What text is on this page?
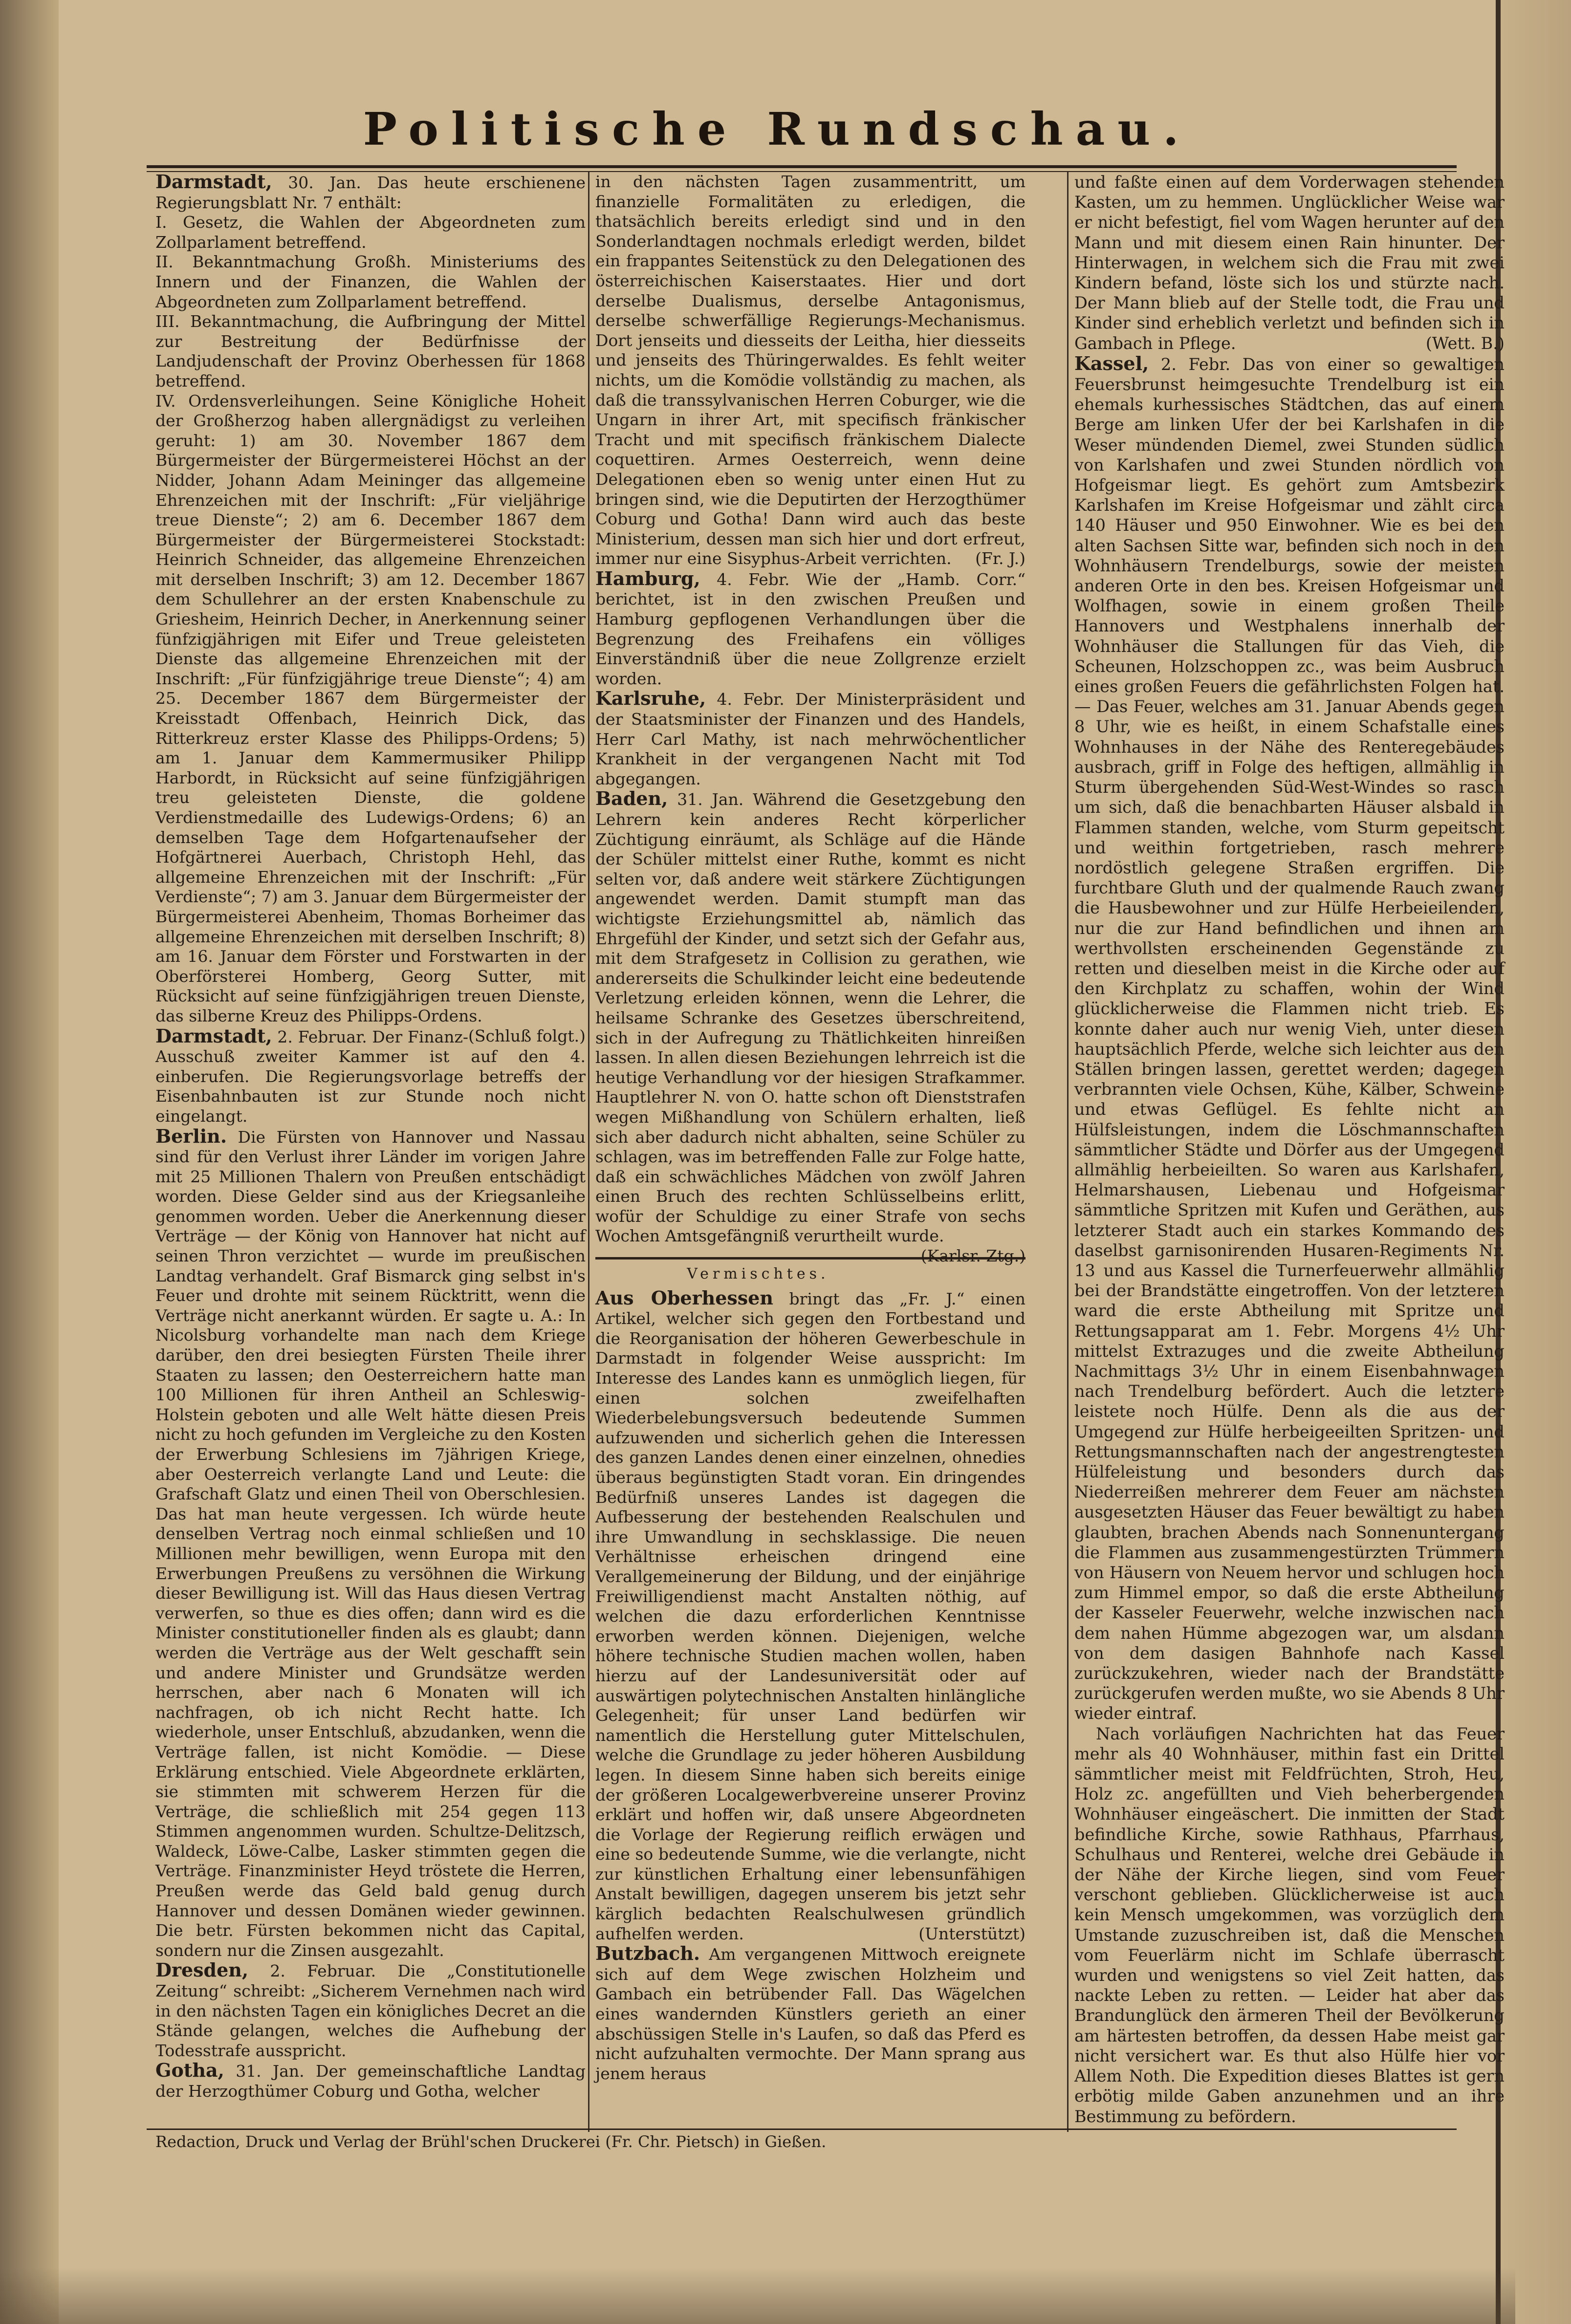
Politische Rundschau.

Darmstadt, 30. Jan. Das heute erschienene Regierungsblatt Nr. 7 enthält:

I. Gesetz, die Wahlen der Abgeordneten zum Zollparlament betreffend.

II. Bekanntmachung Großh. Ministeriums des Innern und der Finanzen, die Wahlen der Abgeordneten zum Zollparlament betreffend.

III. Bekanntmachung, die Aufbringung der Mittel zur Bestreitung der Bedürfnisse der Landjudenschaft der Provinz Oberhessen für 1868 betreffend.

IV. Ordensverleihungen. Seine Königliche Hoheit der Großherzog haben allergnädigst zu verleihen geruht: 1) am 30. November 1867 dem Bürgermeister der Bürgermeisterei Höchst an der Nidder, Johann Adam Meininger das allgemeine Ehrenzeichen mit der Inschrift: „Für vieljährige treue Dienste“; 2) am 6. December 1867 dem Bürgermeister der Bürgermeisterei Stockstadt: Heinrich Schneider, das allgemeine Ehrenzeichen mit derselben Inschrift; 3) am 12. December 1867 dem Schullehrer an der ersten Knabenschule zu Griesheim, Heinrich Decher, in Anerkennung seiner fünfzigjährigen mit Eifer und Treue geleisteten Dienste das allgemeine Ehrenzeichen mit der Inschrift: „Für fünfzigjährige treue Dienste“; 4) am 25. December 1867 dem Bürgermeister der Kreisstadt Offenbach, Heinrich Dick, das Ritterkreuz erster Klasse des Philipps-Ordens; 5) am 1. Januar dem Kammermusiker Philipp Harbordt, in Rücksicht auf seine fünfzigjährigen treu geleisteten Dienste, die goldene Verdienstmedaille des Ludewigs-Ordens; 6) an demselben Tage dem Hofgartenaufseher der Hofgärtnerei Auerbach, Christoph Hehl, das allgemeine Ehrenzeichen mit der Inschrift: „Für Verdienste“; 7) am 3. Januar dem Bürgermeister der Bürgermeisterei Abenheim, Thomas Borheimer das allgemeine Ehrenzeichen mit derselben Inschrift; 8) am 16. Januar dem Förster und Forstwarten in der Oberförsterei Homberg, Georg Sutter, mit Rücksicht auf seine fünfzigjährigen treuen Dienste, das silberne Kreuz des Philipps-Ordens.
(Schluß folgt.)

Darmstadt, 2. Februar. Der Finanz-Ausschuß zweiter Kammer ist auf den 4. einberufen. Die Regierungsvorlage betreffs der Eisenbahnbauten ist zur Stunde noch nicht eingelangt.

Berlin. Die Fürsten von Hannover und Nassau sind für den Verlust ihrer Länder im vorigen Jahre mit 25 Millionen Thalern von Preußen entschädigt worden. Diese Gelder sind aus der Kriegsanleihe genommen worden. Ueber die Anerkennung dieser Verträge — der König von Hannover hat nicht auf seinen Thron verzichtet — wurde im preußischen Landtag verhandelt. Graf Bismarck ging selbst in's Feuer und drohte mit seinem Rücktritt, wenn die Verträge nicht anerkannt würden. Er sagte u. A.: In Nicolsburg vorhandelte man nach dem Kriege darüber, den drei besiegten Fürsten Theile ihrer Staaten zu lassen; den Oesterreichern hatte man 100 Millionen für ihren Antheil an Schleswig-Holstein geboten und alle Welt hätte diesen Preis nicht zu hoch gefunden im Vergleiche zu den Kosten der Erwerbung Schlesiens im 7jährigen Kriege, aber Oesterreich verlangte Land und Leute: die Grafschaft Glatz und einen Theil von Oberschlesien. Das hat man heute vergessen. Ich würde heute denselben Vertrag noch einmal schließen und 10 Millionen mehr bewilligen, wenn Europa mit den Erwerbungen Preußens zu versöhnen die Wirkung dieser Bewilligung ist. Will das Haus diesen Vertrag verwerfen, so thue es dies offen; dann wird es die Minister constitutioneller finden als es glaubt; dann werden die Verträge aus der Welt geschafft sein und andere Minister und Grundsätze werden herrschen, aber nach 6 Monaten will ich nachfragen, ob ich nicht Recht hatte. Ich wiederhole, unser Entschluß, abzudanken, wenn die Verträge fallen, ist nicht Komödie. — Diese Erklärung entschied. Viele Abgeordnete erklärten, sie stimmten mit schwerem Herzen für die Verträge, die schließlich mit 254 gegen 113 Stimmen angenommen wurden. Schultze-Delitzsch, Waldeck, Löwe-Calbe, Lasker stimmten gegen die Verträge. Finanzminister Heyd tröstete die Herren, Preußen werde das Geld bald genug durch Hannover und dessen Domänen wieder gewinnen. Die betr. Fürsten bekommen nicht das Capital, sondern nur die Zinsen ausgezahlt.

Dresden, 2. Februar. Die „Constitutionelle Zeitung“ schreibt: „Sicherem Vernehmen nach wird in den nächsten Tagen ein königliches Decret an die Stände gelangen, welches die Aufhebung der Todesstrafe ausspricht.

Gotha, 31. Jan. Der gemeinschaftliche Landtag der Herzogthümer Coburg und Gotha, welcher

in den nächsten Tagen zusammentritt, um finanzielle Formalitäten zu erledigen, die thatsächlich bereits erledigt sind und in den Sonderlandtagen nochmals erledigt werden, bildet ein frappantes Seitenstück zu den Delegationen des österreichischen Kaiserstaates. Hier und dort derselbe Dualismus, derselbe Antagonismus, derselbe schwerfällige Regierungs-Mechanismus. Dort jenseits und diesseits der Leitha, hier diesseits und jenseits des Thüringerwaldes. Es fehlt weiter nichts, um die Komödie vollständig zu machen, als daß die transsylvanischen Herren Coburger, wie die Ungarn in ihrer Art, mit specifisch fränkischer Tracht und mit specifisch fränkischem Dialecte coquettiren. Armes Oesterreich, wenn deine Delegationen eben so wenig unter einen Hut zu bringen sind, wie die Deputirten der Herzogthümer Coburg und Gotha! Dann wird auch das beste Ministerium, dessen man sich hier und dort erfreut, immer nur eine Sisyphus-Arbeit verrichten. (Fr. J.)

Hamburg, 4. Febr. Wie der „Hamb. Corr.“ berichtet, ist in den zwischen Preußen und Hamburg gepflogenen Verhandlungen über die Begrenzung des Freihafens ein völliges Einverständniß über die neue Zollgrenze erzielt worden.

Karlsruhe, 4. Febr. Der Ministerpräsident und der Staatsminister der Finanzen und des Handels, Herr Carl Mathy, ist nach mehrwöchentlicher Krankheit in der vergangenen Nacht mit Tod abgegangen.

Baden, 31. Jan. Während die Gesetzgebung den Lehrern kein anderes Recht körperlicher Züchtigung einräumt, als Schläge auf die Hände der Schüler mittelst einer Ruthe, kommt es nicht selten vor, daß andere weit stärkere Züchtigungen angewendet werden. Damit stumpft man das wichtigste Erziehungsmittel ab, nämlich das Ehrgefühl der Kinder, und setzt sich der Gefahr aus, mit dem Strafgesetz in Collision zu gerathen, wie andererseits die Schulkinder leicht eine bedeutende Verletzung erleiden können, wenn die Lehrer, die heilsame Schranke des Gesetzes überschreitend, sich in der Aufregung zu Thätlichkeiten hinreißen lassen. In allen diesen Beziehungen lehrreich ist die heutige Verhandlung vor der hiesigen Strafkammer. Hauptlehrer N. von O. hatte schon oft Dienststrafen wegen Mißhandlung von Schülern erhalten, ließ sich aber dadurch nicht abhalten, seine Schüler zu schlagen, was im betreffenden Falle zur Folge hatte, daß ein schwächliches Mädchen von zwölf Jahren einen Bruch des rechten Schlüsselbeins erlitt, wofür der Schuldige zu einer Strafe von sechs Wochen Amtsgefängniß verurtheilt wurde.
(Karlsr. Ztg.)

Vermischtes.

Aus Oberhessen bringt das „Fr. J.“ einen Artikel, welcher sich gegen den Fortbestand und die Reorganisation der höheren Gewerbeschule in Darmstadt in folgender Weise ausspricht: Im Interesse des Landes kann es unmöglich liegen, für einen solchen zweifelhaften Wiederbelebungsversuch bedeutende Summen aufzuwenden und sicherlich gehen die Interessen des ganzen Landes denen einer einzelnen, ohnedies überaus begünstigten Stadt voran. Ein dringendes Bedürfniß unseres Landes ist dagegen die Aufbesserung der bestehenden Realschulen und ihre Umwandlung in sechsklassige. Die neuen Verhältnisse erheischen dringend eine Verallgemeinerung der Bildung, und der einjährige Freiwilligendienst macht Anstalten nöthig, auf welchen die dazu erforderlichen Kenntnisse erworben werden können. Diejenigen, welche höhere technische Studien machen wollen, haben hierzu auf der Landesuniversität oder auf auswärtigen polytechnischen Anstalten hinlängliche Gelegenheit; für unser Land bedürfen wir namentlich die Herstellung guter Mittelschulen, welche die Grundlage zu jeder höheren Ausbildung legen. In diesem Sinne haben sich bereits einige der größeren Localgewerbvereine unserer Provinz erklärt und hoffen wir, daß unsere Abgeordneten die Vorlage der Regierung reiflich erwägen und eine so bedeutende Summe, wie die verlangte, nicht zur künstlichen Erhaltung einer lebensunfähigen Anstalt bewilligen, dagegen unserem bis jetzt sehr kärglich bedachten Realschulwesen gründlich aufhelfen werden.	(Unterstützt)

Butzbach. Am vergangenen Mittwoch ereignete sich auf dem Wege zwischen Holzheim und Gambach ein betrübender Fall. Das Wägelchen eines wandernden Künstlers gerieth an einer abschüssigen Stelle in's Laufen, so daß das Pferd es nicht aufzuhalten vermochte. Der Mann sprang aus jenem heraus

und faßte einen auf dem Vorderwagen stehenden Kasten, um zu hemmen. Unglücklicher Weise war er nicht befestigt, fiel vom Wagen herunter auf den Mann und mit diesem einen Rain hinunter. Der Hinterwagen, in welchem sich die Frau mit zwei Kindern befand, löste sich los und stürzte nach. Der Mann blieb auf der Stelle todt, die Frau und Kinder sind erheblich verletzt und befinden sich in Gambach in Pflege.	(Wett. B.)

Kassel, 2. Febr. Das von einer so gewaltigen Feuersbrunst heimgesuchte Trendelburg ist ein ehemals kurhessisches Städtchen, das auf einem Berge am linken Ufer der bei Karlshafen in die Weser mündenden Diemel, zwei Stunden südlich von Karlshafen und zwei Stunden nördlich von Hofgeismar liegt. Es gehört zum Amtsbezirk Karlshafen im Kreise Hofgeismar und zählt circa 140 Häuser und 950 Einwohner. Wie es bei den alten Sachsen Sitte war, befinden sich noch in den Wohnhäusern Trendelburgs, sowie der meisten anderen Orte in den bes. Kreisen Hofgeismar und Wolfhagen, sowie in einem großen Theile Hannovers und Westphalens innerhalb der Wohnhäuser die Stallungen für das Vieh, die Scheunen, Holzschoppen zc., was beim Ausbruch eines großen Feuers die gefährlichsten Folgen hat. — Das Feuer, welches am 31. Januar Abends gegen 8 Uhr, wie es heißt, in einem Schafstalle eines Wohnhauses in der Nähe des Renteregebäudes ausbrach, griff in Folge des heftigen, allmählig in Sturm übergehenden Süd-West-Windes so rasch um sich, daß die benachbarten Häuser alsbald in Flammen standen, welche, vom Sturm gepeitscht und weithin fortgetrieben, rasch mehrere nordöstlich gelegene Straßen ergriffen. Die furchtbare Gluth und der qualmende Rauch zwang die Hausbewohner und zur Hülfe Herbeieilenden, nur die zur Hand befindlichen und ihnen am werthvollsten erscheinenden Gegenstände zu retten und dieselben meist in die Kirche oder auf den Kirchplatz zu schaffen, wohin der Wind glücklicherweise die Flammen nicht trieb. Es konnte daher auch nur wenig Vieh, unter diesen hauptsächlich Pferde, welche sich leichter aus den Ställen bringen lassen, gerettet werden; dagegen verbrannten viele Ochsen, Kühe, Kälber, Schweine und etwas Geflügel. Es fehlte nicht an Hülfsleistungen, indem die Löschmannschaften sämmtlicher Städte und Dörfer aus der Umgegend allmählig herbeieilten. So waren aus Karlshafen, Helmarshausen, Liebenau und Hofgeismar sämmtliche Spritzen mit Kufen und Geräthen, aus letzterer Stadt auch ein starkes Kommando des daselbst garnisonirenden Husaren-Regiments Nr. 13 und aus Kassel die Turnerfeuerwehr allmählig bei der Brandstätte eingetroffen. Von der letzteren ward die erste Abtheilung mit Spritze und Rettungsapparat am 1. Febr. Morgens 4½ Uhr mittelst Extrazuges und die zweite Abtheilung Nachmittags 3½ Uhr in einem Eisenbahnwagen nach Trendelburg befördert. Auch die letztere leistete noch Hülfe. Denn als die aus der Umgegend zur Hülfe herbeigeeilten Spritzen- und Rettungsmannschaften nach der angestrengtesten Hülfeleistung und besonders durch das Niederreißen mehrerer dem Feuer am nächsten ausgesetzten Häuser das Feuer bewältigt zu haben glaubten, brachen Abends nach Sonnenuntergang die Flammen aus zusammengestürzten Trümmern von Häusern von Neuem hervor und schlugen hoch zum Himmel empor, so daß die erste Abtheilung der Kasseler Feuerwehr, welche inzwischen nach dem nahen Hümme abgezogen war, um alsdann von dem dasigen Bahnhofe nach Kassel zurückzukehren, wieder nach der Brandstätte zurückgerufen werden mußte, wo sie Abends 8 Uhr wieder eintraf.

Nach vorläufigen Nachrichten hat das Feuer mehr als 40 Wohnhäuser, mithin fast ein Drittel sämmtlicher meist mit Feldfrüchten, Stroh, Heu, Holz zc. angefüllten und Vieh beherbergenden Wohnhäuser eingeäschert. Die inmitten der Stadt befindliche Kirche, sowie Rathhaus, Pfarrhaus, Schulhaus und Renterei, welche drei Gebäude in der Nähe der Kirche liegen, sind vom Feuer verschont geblieben. Glücklicherweise ist auch kein Mensch umgekommen, was vorzüglich dem Umstande zuzuschreiben ist, daß die Menschen vom Feuerlärm nicht im Schlafe überrascht wurden und wenigstens so viel Zeit hatten, das nackte Leben zu retten. — Leider hat aber das Brandunglück den ärmeren Theil der Bevölkerung am härtesten betroffen, da dessen Habe meist gar nicht versichert war. Es thut also Hülfe hier vor Allem Noth. Die Expedition dieses Blattes ist gern erbötig milde Gaben anzunehmen und an ihre Bestimmung zu befördern.

Redaction, Druck und Verlag der Brühl'schen Druckerei (Fr. Chr. Pietsch) in Gießen.
